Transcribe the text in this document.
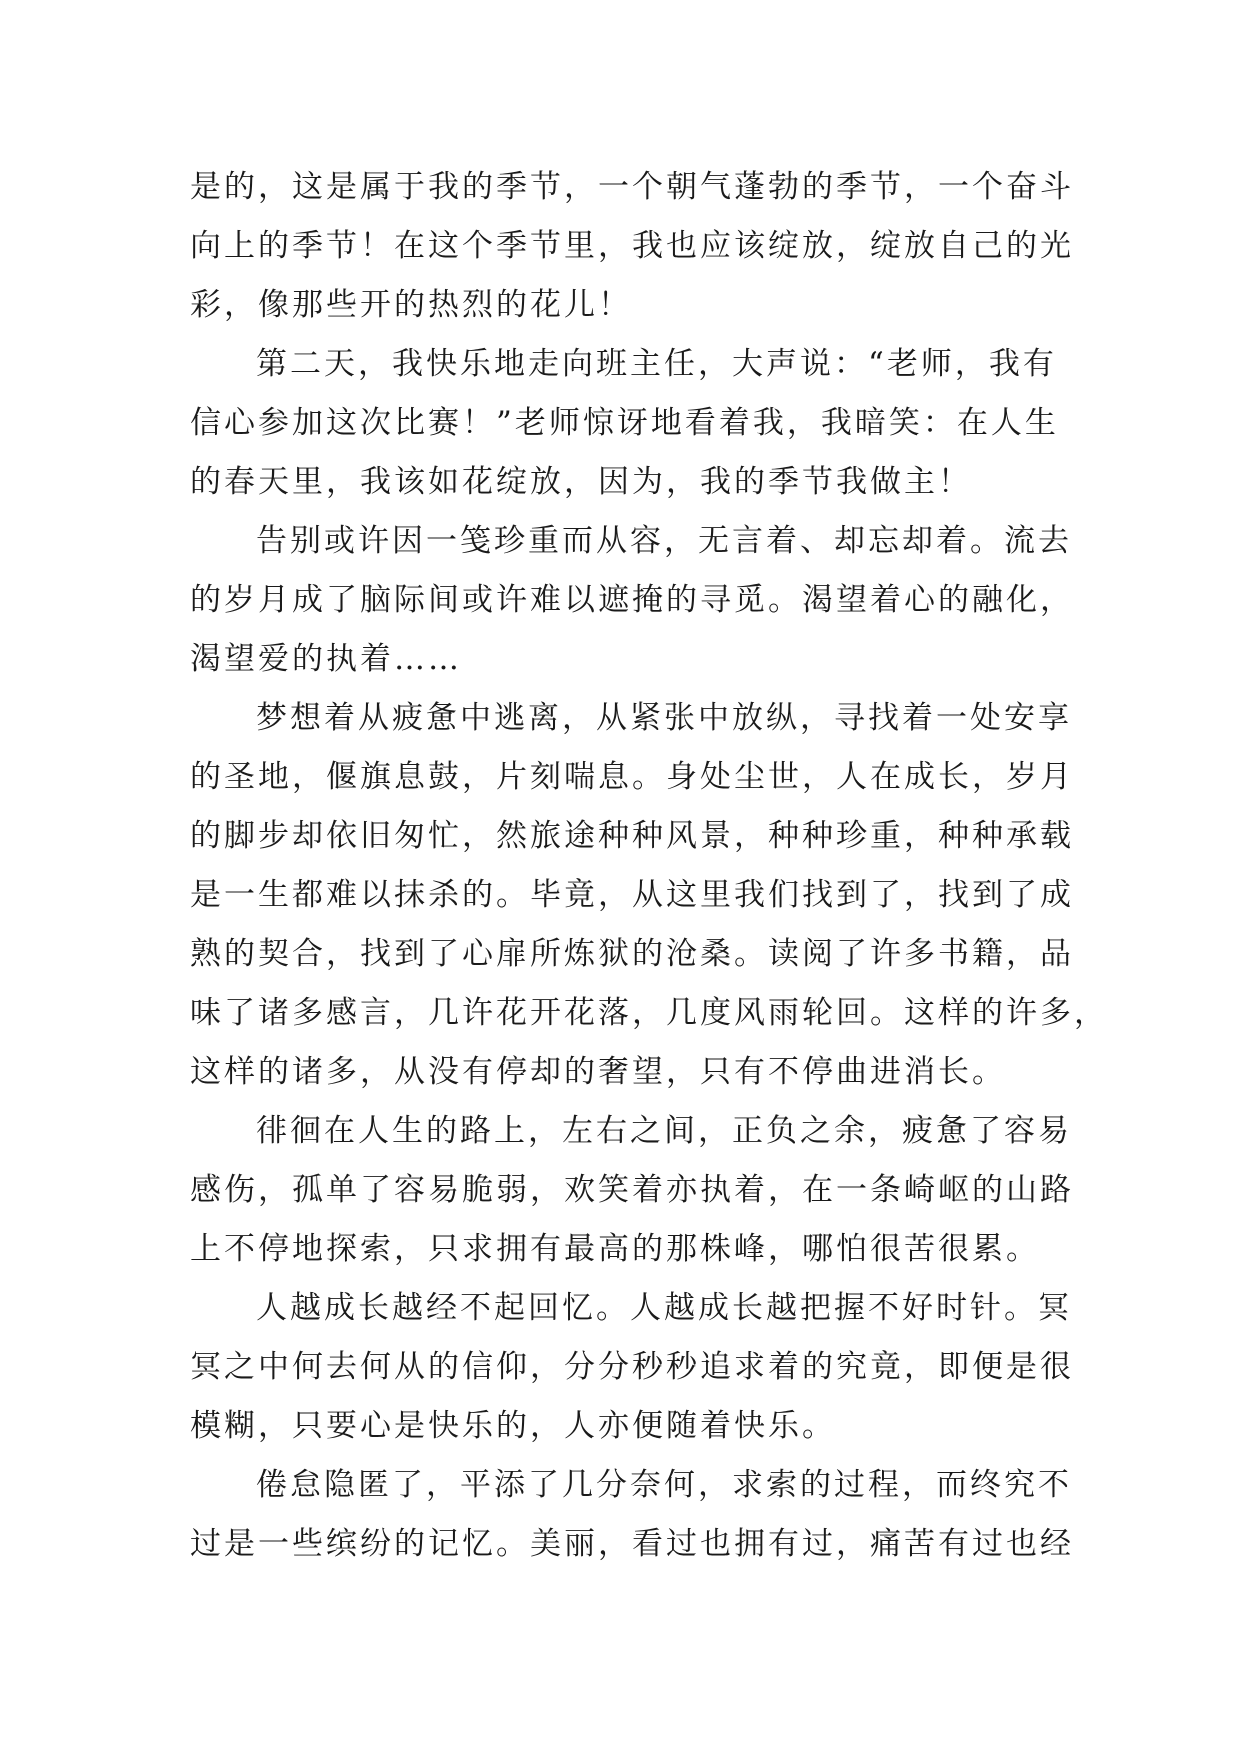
是的，这是属于我的季节，一个朝气蓬勃的季节，一个奋斗
向上的季节！在这个季节里，我也应该绽放，绽放自己的光
彩，像那些开的热烈的花儿！
第二天，我快乐地走向班主任，大声说：“老师，我有
信心参加这次比赛！”老师惊讶地看着我，我暗笑：在人生
的春天里，我该如花绽放，因为，我的季节我做主！
告别或许因一笺珍重而从容，无言着、却忘却着。流去
的岁月成了脑际间或许难以遮掩的寻觅。渴望着心的融化，
渴望爱的执着……
梦想着从疲惫中逃离，从紧张中放纵，寻找着一处安享
的圣地，偃旗息鼓，片刻喘息。身处尘世，人在成长，岁月
的脚步却依旧匆忙，然旅途种种风景，种种珍重，种种承载
是一生都难以抹杀的。毕竟，从这里我们找到了，找到了成
熟的契合，找到了心扉所炼狱的沧桑。读阅了许多书籍，品
味了诸多感言，几许花开花落，几度风雨轮回。这样的许多，
这样的诸多，从没有停却的奢望，只有不停曲进消长。
徘徊在人生的路上，左右之间，正负之余，疲惫了容易
感伤，孤单了容易脆弱，欢笑着亦执着，在一条崎岖的山路
上不停地探索，只求拥有最高的那株峰，哪怕很苦很累。
人越成长越经不起回忆。人越成长越把握不好时针。冥
冥之中何去何从的信仰，分分秒秒追求着的究竟，即便是很
模糊，只要心是快乐的，人亦便随着快乐。
倦怠隐匿了，平添了几分奈何，求索的过程，而终究不
过是一些缤纷的记忆。美丽，看过也拥有过，痛苦有过也经
